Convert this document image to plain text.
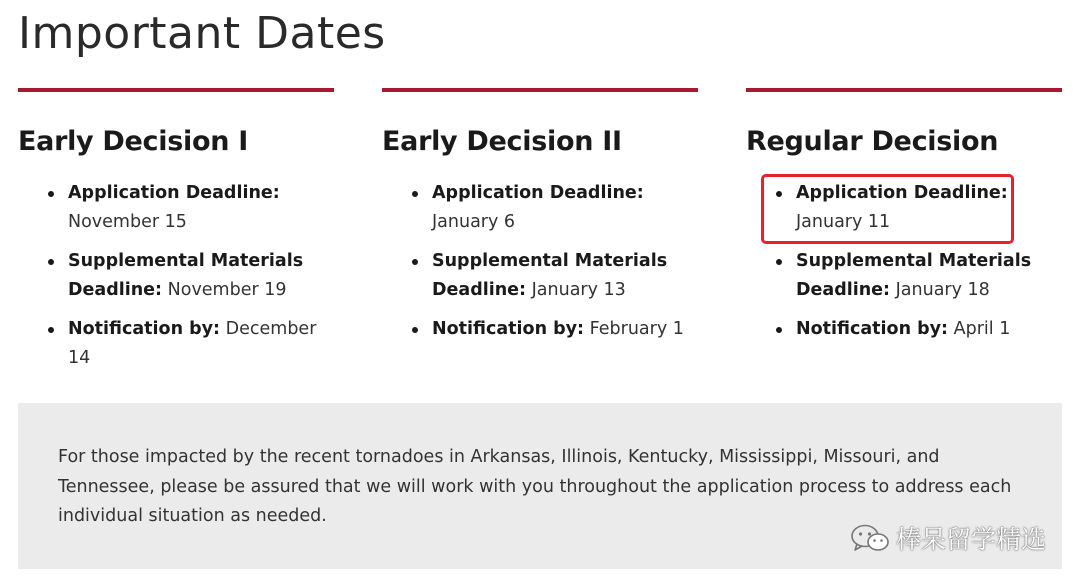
Important Dates
Early Decision I
Application Deadline:
November 15
Supplemental Materials Deadline: November 19
Notification by: December 14
Early Decision II
Application Deadline:
January 6
Supplemental Materials Deadline: January 13
Notification by: February 1
Regular Decision
Application Deadline:
January 11
Supplemental Materials Deadline: January 18
Notification by: April 1

For those impacted by the recent tornadoes in Arkansas, Illinois, Kentucky, Mississippi, Missouri, and Tennessee, please be assured that we will work with you throughout the application process to address each individual situation as needed.

棒呆留学精选
